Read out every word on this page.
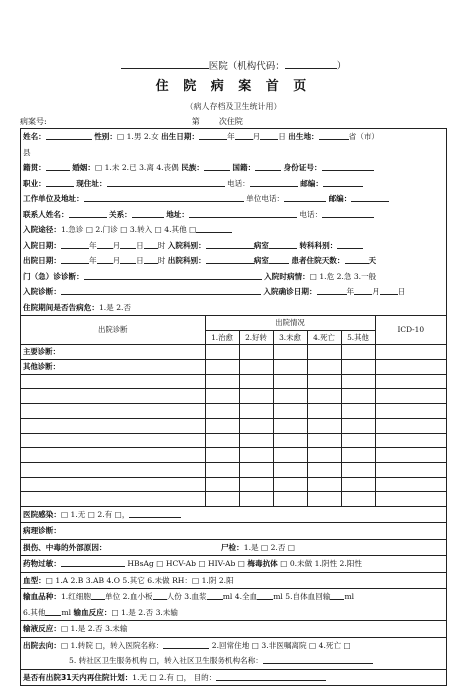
医院（机构代码：	）
住 院 病 案 首 页
（病人存档及卫生统计用）
病案号:	第 次住院
姓名：	性别：□ 1.男 2.女 出生日期：	年 月 日 出生地：	省（市）
县
籍贯：	婚姻：□ 1.未 2.已 3.离 4.丧偶 民族：	国籍：	身份证号：
职业：	现住址：	电话：	邮编：
工作单位及地址：	单位电话：	邮编：
联系人姓名：	关系：	地址：	电话：
入院途径：1.急诊 □ 2.门诊 □ 3.转入 □ 4.其他 □
入院日期：	年 月 日 时 入院科别：	病室	转科科别：
出院日期：	年 月 日 时 出院科别：	病室	患者住院天数：	天
门（急）诊诊断：	入院时病情：□ 1.危 2.急 3.一般
入院诊断：	入院确诊日期：	年 月 日
住院期间是否告病危：1.是 2.否
出院诊断	出院情况					ICD-10
	1.治愈	2.好转	3.未愈	4.死亡	5.其他	
主要诊断：						
其他诊断：						

医院感染：□ 1.无 □ 2.有 □，
病理诊断：
损伤、中毒的外部原因：	尸检：1.是 □ 2.否 □
药物过敏：	HBsAg □ HCV-Ab □ HIV-Ab □ 梅毒抗体 □ 0.未做 1.阴性 2.阳性
血型：□ 1.A 2.B 3.AB 4.O 5.其它 6.未做 RH：□ 1.阴 2.阳
输血品种：1.红细胞 单位 2.血小板 人份 3.血浆 ml 4.全血 ml 5.自体血回输 ml
6.其他 ml 输血反应：□ 1.是 2.否 3.未输
输液反应：□ 1.是 2.否 3.未输
出院去向：□ 1.转院 □，转入医院名称：	2.回常住地 □ 3.非医嘱离院 □ 4.死亡 □
5. 转社区卫生服务机构 □，转入社区卫生服务机构名称：
是否有出院31天内再住院计划：1.无 □ 2.有 □， 目的：
